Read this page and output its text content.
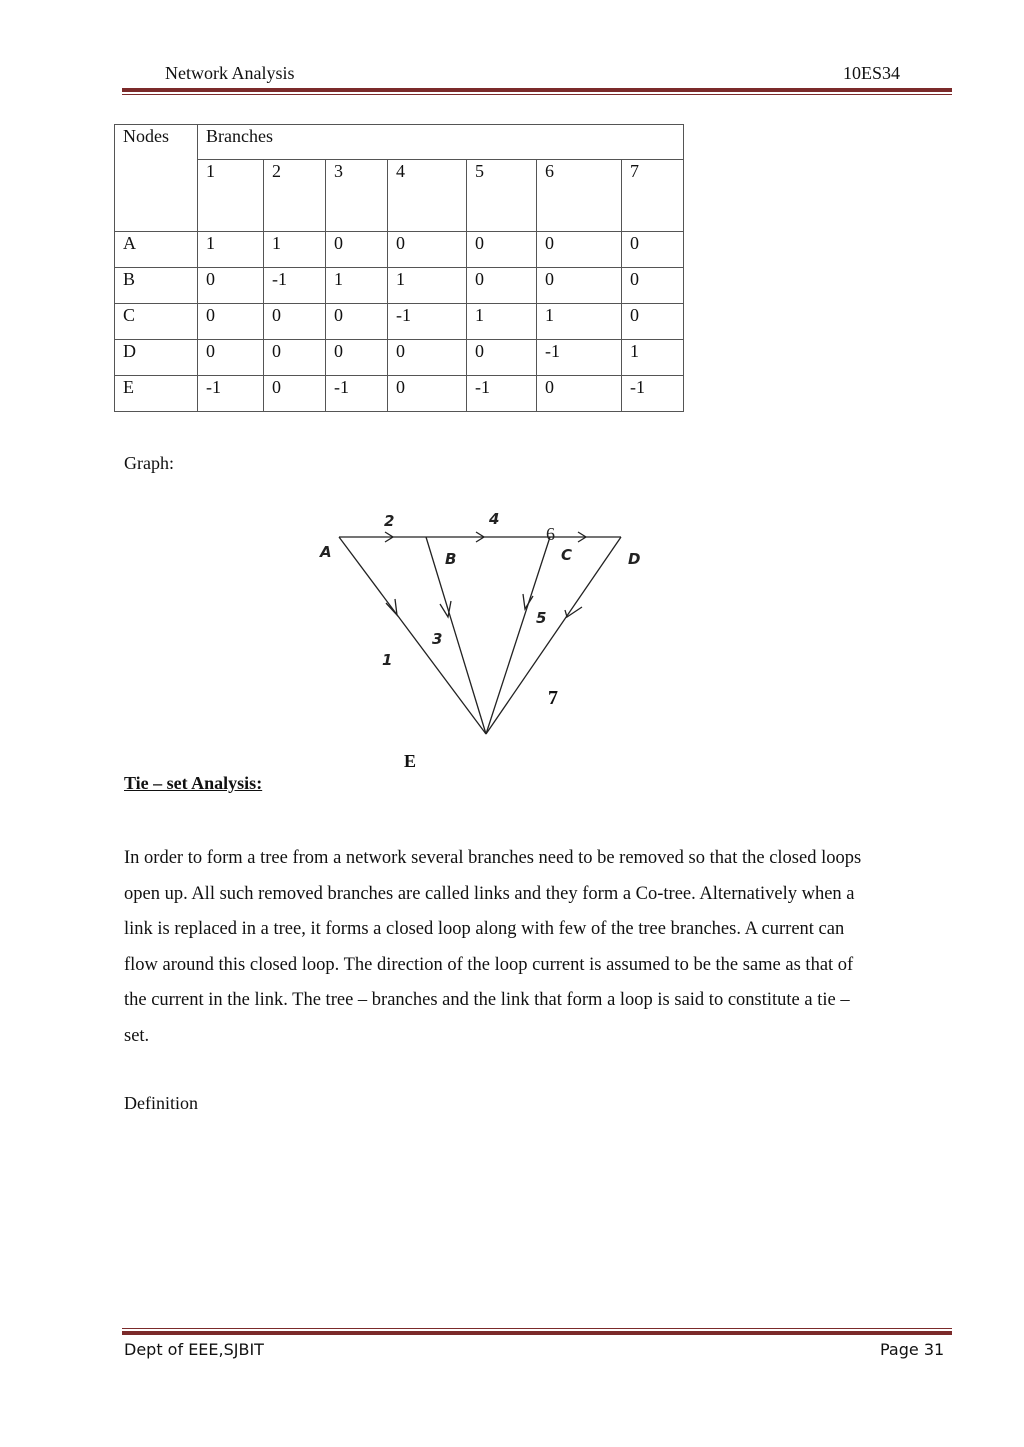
Network Analysis	10ES34
Nodes	Branches						
	1	2	3	4	5	6	7
A	1	1	0	0	0	0	0
B	0	-1	1	1	0	0	0
C	0	0	0	-1	1	1	0
D	0	0	0	0	0	-1	1
E	-1	0	-1	0	-1	0	-1
Graph:
A	B	C	D
1
2
3
4
5
6
7
E
Tie – set Analysis:
In order to form a tree from a network several branches need to be removed so that the closed loops
open up. All such removed branches are called links and they form a Co-tree. Alternatively when a
link is replaced in a tree, it forms a closed loop along with few of the tree branches. A current can
flow around this closed loop. The direction of the loop current is assumed to be the same as that of
the current in the link. The tree – branches and the link that form a loop is said to constitute a tie –
set.
Definition
Dept of EEE,SJBIT	Page 31
